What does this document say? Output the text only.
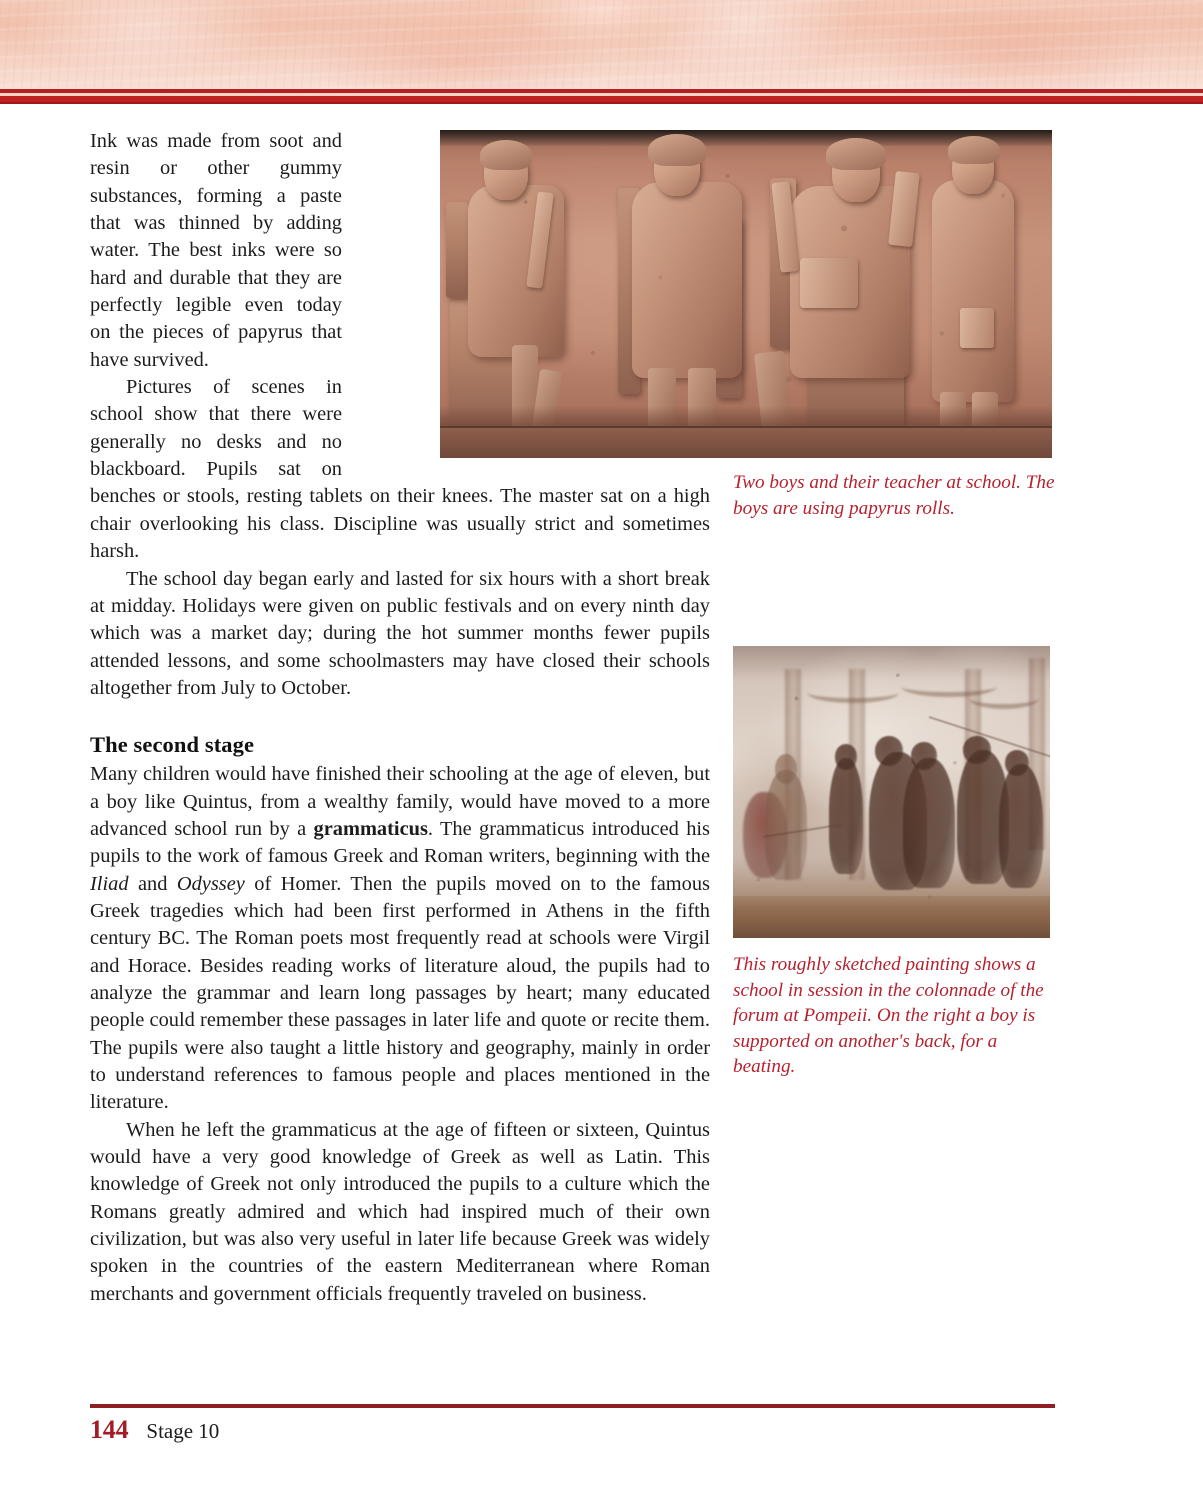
Ink was made from soot and resin or other gummy substances, forming a paste that was thinned by adding water. The best inks were so hard and durable that they are perfectly legible even today on the pieces of papyrus that have survived.

Pictures of scenes in school show that there were generally no desks and no blackboard. Pupils sat on benches or stools, resting tablets on their knees. The master sat on a high chair overlooking his class. Discipline was usually strict and sometimes harsh.

The school day began early and lasted for six hours with a short break at midday. Holidays were given on public festivals and on every ninth day which was a market day; during the hot summer months fewer pupils attended lessons, and some schoolmasters may have closed their schools altogether from July to October.

The second stage

Many children would have finished their schooling at the age of eleven, but a boy like Quintus, from a wealthy family, would have moved to a more advanced school run by a grammaticus. The grammaticus introduced his pupils to the work of famous Greek and Roman writers, beginning with the Iliad and Odyssey of Homer. Then the pupils moved on to the famous Greek tragedies which had been first performed in Athens in the fifth century BC. The Roman poets most frequently read at schools were Virgil and Horace. Besides reading works of literature aloud, the pupils had to analyze the grammar and learn long passages by heart; many educated people could remember these passages in later life and quote or recite them. The pupils were also taught a little history and geography, mainly in order to understand references to famous people and places mentioned in the literature.

When he left the grammaticus at the age of fifteen or sixteen, Quintus would have a very good knowledge of Greek as well as Latin. This knowledge of Greek not only introduced the pupils to a culture which the Romans greatly admired and which had inspired much of their own civilization, but was also very useful in later life because Greek was widely spoken in the countries of the eastern Mediterranean where Roman merchants and government officials frequently traveled on business.

Two boys and their teacher at school. The boys are using papyrus rolls.

This roughly sketched painting shows a school in session in the colonnade of the forum at Pompeii. On the right a boy is supported on another's back, for a beating.

144 Stage 10
